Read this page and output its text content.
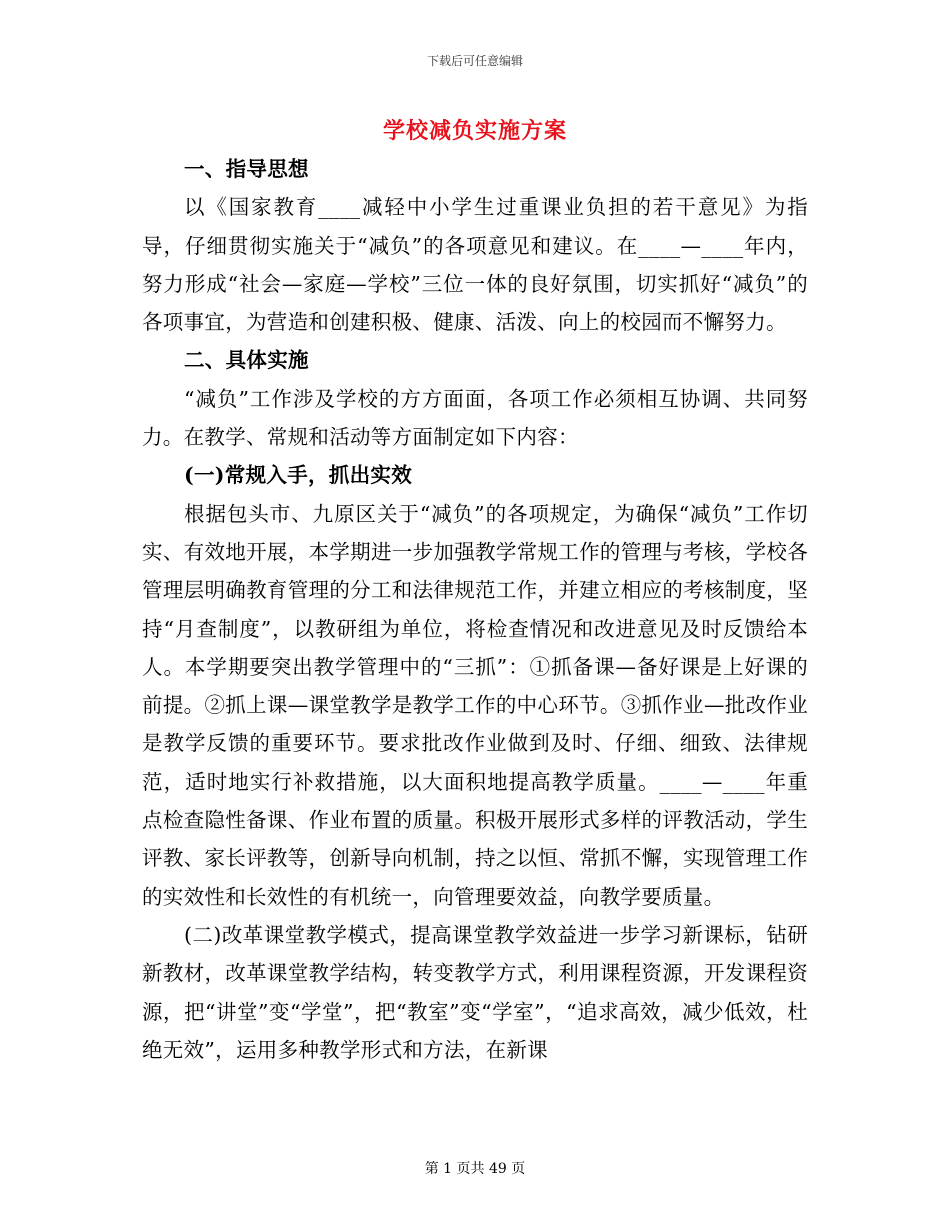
下载后可任意编辑
学校减负实施方案

一、指导思想

以《国家教育____减轻中小学生过重课业负担的若干意见》为指导，仔细贯彻实施关于“减负”的各项意见和建议。在____—____年内，努力形成“社会—家庭—学校”三位一体的良好氛围，切实抓好“减负”的各项事宜，为营造和创建积极、健康、活泼、向上的校园而不懈努力。

二、具体实施

“减负”工作涉及学校的方方面面，各项工作必须相互协调、共同努力。在教学、常规和活动等方面制定如下内容：

(一)常规入手，抓出实效

根据包头市、九原区关于“减负”的各项规定，为确保“减负”工作切实、有效地开展，本学期进一步加强教学常规工作的管理与考核，学校各管理层明确教育管理的分工和法律规范工作，并建立相应的考核制度，坚持“月查制度”，以教研组为单位，将检查情况和改进意见及时反馈给本人。本学期要突出教学管理中的“三抓”：①抓备课—备好课是上好课的前提。②抓上课—课堂教学是教学工作的中心环节。③抓作业—批改作业是教学反馈的重要环节。要求批改作业做到及时、仔细、细致、法律规范，适时地实行补救措施，以大面积地提高教学质量。____—____年重点检查隐性备课、作业布置的质量。积极开展形式多样的评教活动，学生评教、家长评教等，创新导向机制，持之以恒、常抓不懈，实现管理工作的实效性和长效性的有机统一，向管理要效益，向教学要质量。

(二)改革课堂教学模式，提高课堂教学效益进一步学习新课标，钻研新教材，改革课堂教学结构，转变教学方式，利用课程资源，开发课程资源，把“讲堂”变“学堂”，把“教室”变“学室”，“追求高效，减少低效，杜绝无效”，运用多种教学形式和方法，在新课

第 1 页共 49 页
